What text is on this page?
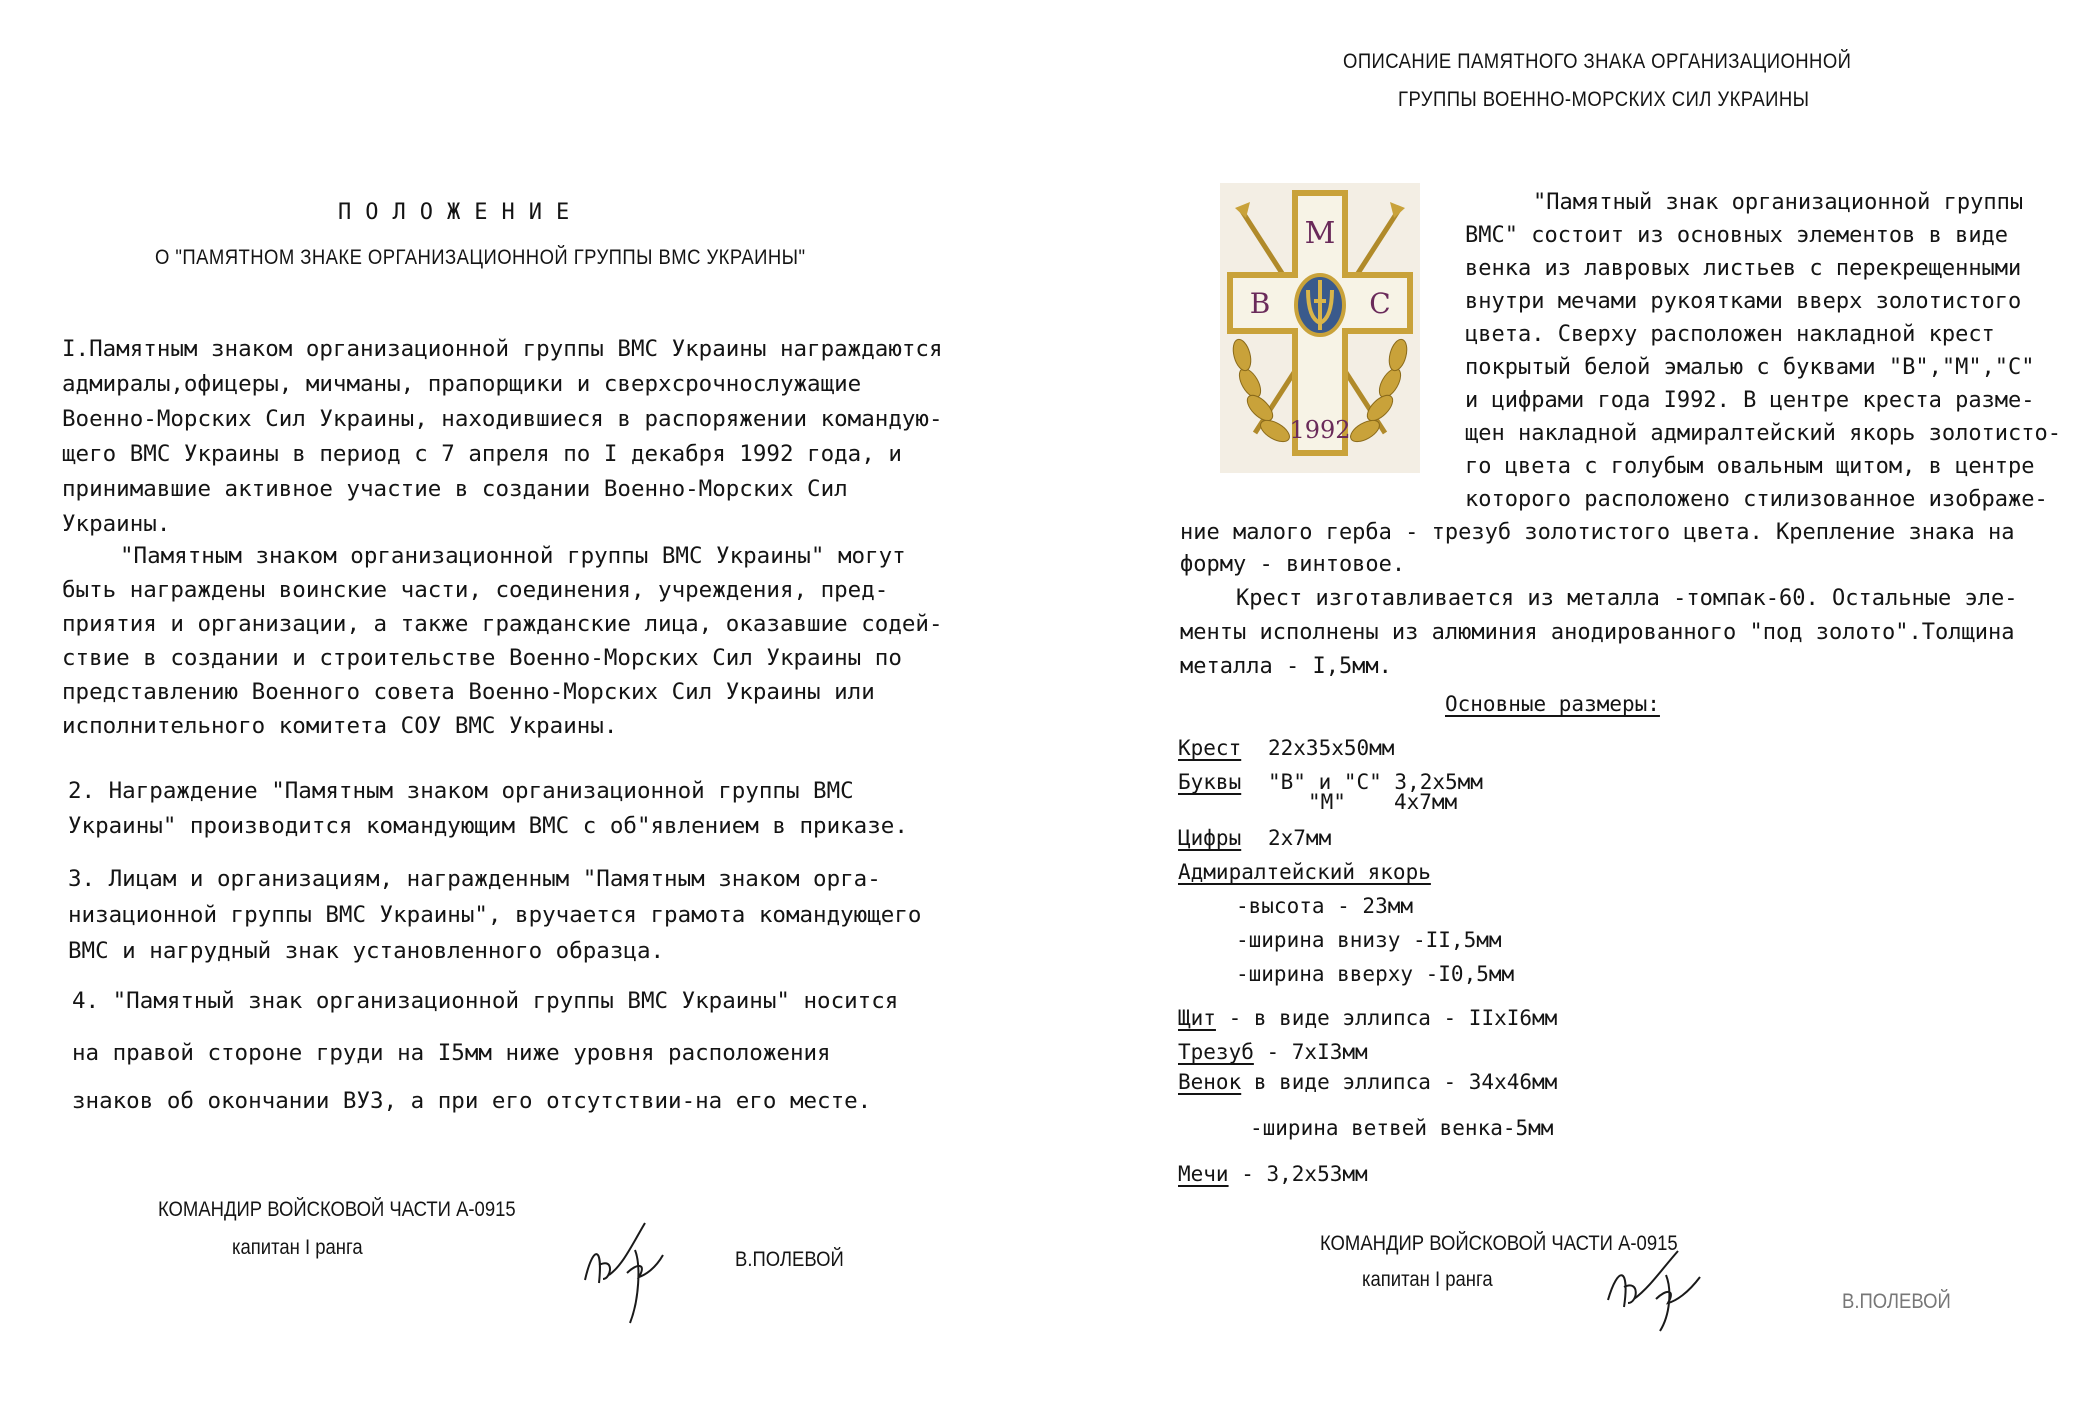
ПОЛОЖЕНИЕ
О "ПАМЯТНОМ ЗНАКЕ ОРГАНИЗАЦИОННОЙ ГРУППЫ ВМС УКРАИНЫ"
I.Памятным знаком организационной группы ВМС Украины награждаются
адмиралы,офицеры, мичманы, прапорщики и сверхсрочнослужащие
Военно-Морских Сил Украины, находившиеся в распоряжении командую-
щего ВМС Украины в период с 7 апреля по I декабря 1992 года, и
принимавшие активное участие в создании Военно-Морских Сил
Украины.
"Памятным знаком организационной группы ВМС Украины" могут
быть награждены воинские части, соединения, учреждения, пред-
приятия и организации, а также гражданские лица, оказавшие содей-
ствие в создании и строительстве Военно-Морских Сил Украины по
представлению Военного совета Военно-Морских Сил Украины или
исполнительного комитета СОУ ВМС Украины.
2. Награждение "Памятным знаком организационной группы ВМС
Украины" производится командующим ВМС с об"явлением в приказе.
3. Лицам и организациям, награжденным "Памятным знаком орга-
низационной группы ВМС Украины", вручается грамота командующего
ВМС и нагрудный знак установленного образца.
4. "Памятный знак организационной группы ВМС Украины" носится
на правой стороне груди на I5мм ниже уровня расположения
знаков об окончании ВУЗ, а при его отсутствии-на его месте.
КОМАНДИР ВОЙСКОВОЙ ЧАСТИ А-0915
капитан I ранга
В.ПОЛЕВОЙ
ОПИСАНИЕ ПАМЯТНОГО ЗНАКА ОРГАНИЗАЦИОННОЙ
ГРУППЫ ВОЕННО-МОРСКИХ СИЛ УКРАИНЫ
М
В	С
1992
"Памятный знак организационной группы
ВМС" состоит из основных элементов в виде
венка из лавровых листьев с перекрещенными
внутри мечами рукоятками вверх золотистого
цвета. Сверху расположен накладной крест
покрытый белой эмалью с буквами "В","М","С"
и цифрами года I992. В центре креста разме-
щен накладной адмиралтейский якорь золотисто-
го цвета с голубым овальным щитом, в центре
которого расположено стилизованное изображе-
ние малого герба - трезуб золотистого цвета. Крепление знака на
форму - винтовое.
Крест изготавливается из металла -томпак-60. Остальные эле-
менты исполнены из алюминия анодированного "под золото".Толщина
металла - I,5мм.
Основные размеры:
Крест 22х35х50мм
Буквы "В" и "С" 3,2х5мм
"М" 4х7мм
Цифры 2х7мм
Адмиралтейский якорь
-высота - 23мм
-ширина внизу -II,5мм
-ширина вверху -I0,5мм
Щит - в виде эллипса - IIхI6мм
Трезуб - 7хI3мм
Венок в виде эллипса - 34х46мм
-ширина ветвей венка-5мм
Мечи - 3,2х53мм
КОМАНДИР ВОЙСКОВОЙ ЧАСТИ А-0915
капитан I ранга
В.ПОЛЕВОЙ
